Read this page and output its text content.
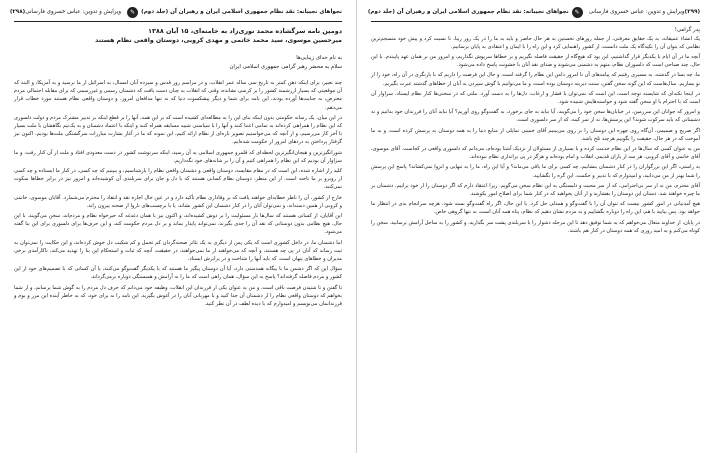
نجواهای نجیبانه: نقد نظام جمهوری اسلامی ایران و رهبران آن (جلد دوم)
✎
ویرایش و تدوین: عباس خسروی فارسانی
(۲۹۸)
دومین نامه سرگشاده محمد نوری‌زاد به خامنه‌ای، ۱۵ آبان ۱۳۸۸
میرحسین موسوی، سید محمد خاتمی و مهدی کروبی، دوستان واقعی نظام هستند
به نام خدای زیبایی‌ها
سلام به محضر رهبر گرامی جمهوری اسلامی ایران

چند تعبیر، برای اینکه ذهن کمتر به تاریخ سی ساله عمر انقلاب، و در مراسم روز قدس و سیزده آبان امسال، به اسرائیل از ما نرسید و به آمریکا، و البته که آن موقعیتی که بسیار ارزشمند کشور را بر کرسی نشانده، وقتی که انقلاب به چنان دست یافت که دشمنان رسمی و غیررسمی که برای مقابله احتمالی مردم معترض، به جنایت‌ها آورده بودند، این نامه برای شما و دیگر پیشکسوت دنیا که نه تنها مدافعان امروز، و دوستان واقعی نظام هستند مورد خطاب قرار می‌دهم.

در این میان، یک رسانه حکومتی بدون اینکه بنای این را به مطالعه‌ای کشیده است که بر این همه، آنها را بر قطع اینکه بر تدبیر مشترک مردم و دولت دلسوزی که این نظام را همراهی کرده‌اند به تمامی اعتنا کنند و آنها را با سیاستی شبیه مسابقه همراه کنند و اینکه با اعتماد دشمنان و به یک‌نیم نگاهشان با ملت بسیار تا آخر کار می‌رسیم، و از آنچه که می‌خواستیم تصویر تازه‌ای از نظام ارائه کنیم، این نمونه که ما در آغاز بشارت مبارزات سرگشتگی ملت‌ها بودیم، اکنون نیز گرفتار پرداختن به دردهای امروز از حکومت شده‌ایم.

شورانگیزترین و هیجان‌انگیزترین لحظه‌ای که قلمرو جمهوری اسلامی به آن رسید، اینکه سرنوشت کشور در دست معدودی افتاد و ملت از آن کنار رفت، و ما سزاوار آن بودیم که این نظام را همراهی کنیم و آن را بر شانه‌های خود نگه‌داریم.

کلید راز اشاره شده، این است که در مقام مقایسه، دوستان واقعی و دشمنان واقعی نظام را بازشناسیم، و ببینیم که چه کسی، در کنار ما ایستاده و چه کسی از روبرو بر ما تاخته است. از این منظر، دوستان نظام کسانی هستند که با دل و جان برای سربلندی آن کوشیده‌اند و امروز نیز در برابر خطاها سکوت نمی‌کنند.

خارج از کشور، آن را ناظر خطابه‌ای خواهند یافت که بر وفاداری نظام تأکید دارد و در عین حال اجازه نقد و انتقاد را محترم می‌شمارد. آقایان موسوی، خاتمی و کروبی از همین دسته‌اند، و نمی‌توان آنان را در کنار دشمنان این کشور نشاند، یا با برچسب‌های ناروا از صحنه بیرون راند.

این آقایان، از کسانی هستند که سال‌ها بار مسئولیت را بر دوش کشیده‌اند، و اکنون نیز با همان دغدغه که خیرخواه نظام و مردم‌اند، سخن می‌گویند. با این حال، هیچ نظامی بدون دوستانی که نقد آن را جدی بگیرند، نمی‌تواند پایدار بماند و بر دل مردم حکومت کند، و این حرف‌ها برای دلسوزی برای این بنا گفته می‌شود.

اما دشمنان ما، در داخل کشوری است که یکی پس از دیگری به یک تئاتر صحنه‌گردان کم تحمل و کم شکیب دل خوش کرده‌اند، و این حکایت را نمی‌توان به ثبت رساند که آنان در پی چه هستند، و آنچه که می‌خواهند از ما نمی‌خواهند، در حقیقت، آنچه که ثبات و استحکام این بنا را تهدید می‌کند، ناکارآمدی برخی مدیران و خطاهای پنهان است، که باید آنها را شناخت و در برابرش ایستاد.

سؤال این که اگر دشمن ما با بیگانه همدستی دارد، آیا آن دوستان پیگیر ما هستند که با یکدیگر گفت‌وگو می‌کنند، یا آن کسانی که با تصمیم‌های خود از این کشور و مردم فاصله گرفته‌اند؟ پاسخ به این سؤال، همان راهی است که ما را به آرامش و همبستگی دوباره برمی‌گرداند.

تا گفتن و تا شنیدن فرصت باقی است، و من به عنوان یکی از فرزندان این انقلاب، وظیفه خود می‌دانم که حرف دل مردم را به گوش شما برسانم، و از شما بخواهم که دوستان واقعی نظام را از دشمنان آن جدا کنید و با مهربانی آنان را در آغوش بگیرید. این نامه را نه برای خود، که به خاطر آینده این مرز و بوم و فرزندانمان می‌نویسم و امیدوارم که با دیده لطف در آن نظر کنید.

(۲۹۹)
ویرایش و تدوین: عباس خسروی فارسانی
✎
نجواهای نجیبانه: نقد نظام جمهوری اسلامی ایران و رهبران آن (جلد دوم)

پدر گرامی!

یک انشاء عمیقانه، به یک حقایق معرفتی، از جمله روزهای نخستین به هر حال حاضر و باید به ما را در یک روز زیبا، تا نسبت کرد و پیش خود منسجم‌ترین نظامی که بتوان آن را تکیه‌گاه یک ملت دانست، از کشور راهنمایی کرد و این راه را با ایمان و اعتقادی به پایان برسانیم.

آنچه ما در آن ایام با یکدیگر قرار گذاشتیم، این بود که هیچ‌گاه از حقیقت فاصله نگیریم و بر خطاها سرپوش نگذاریم، و امروز من بر همان عهد پایبندم. با این حال، چند صباحی است که دلسوزان نظام، متهم به دشمنی می‌شوند و صدای نقد آنان با خشونت پاسخ داده می‌شود.

ما، چه بسا در گذشته، به مسیری رفتیم که پیامدهای آن تا امروز دامن این نظام را گرفته است، و حال این فرصت را داریم که با بازنگری در آن راه، خود را از نو بسازیم. سال‌هاست که این گونه سخن گفتن، سنت دیرینه دوستان بوده است، و ما می‌توانیم با گوش سپردن به آنان از خطاهای گذشته عبرت بگیریم.

در اینجا نکته‌ای که شایسته توجه است، این است که نمی‌توان با فشار و ارعاب، دل‌ها را به دست آورد. ملتی که در سختی‌ها کنار نظام ایستاد، سزاوار آن است که با احترام با او سخن گفته شود و خواسته‌هایش شنیده شود.

و امروز که جوانان این سرزمین، در خیابان‌ها سخن خود را می‌گویند، آیا نباید به جای برخورد، به گفت‌وگو روی آوریم؟ آیا نباید آنان را فرزندان خود بدانیم و نه دشمنانی که باید سرکوب شوند؟ این پرسش‌ها، نه از سر کینه، که از سر دلسوزی است.

اگر صریح و صمیمی، آن‌گاه روی چهره این دوستان را بر روی می‌بینیم آقای خمینی تمایلی از منابع دنیا را به همه دوستان به پرسش کرده است، و به ما آموخت که در هر حال، حقیقت را بگوییم هرچند تلخ باشد.

من به عنوان کسی که سال‌ها در این نظام خدمت کرده و با بسیاری از مسئولان از نزدیک آشنا بوده‌ام، می‌دانم که دلسوزی واقعی در کجاست. آقای موسوی، آقای خاتمی و آقای کروبی، هر سه از یاران قدیمی انقلاب و امام بوده‌اند و هرگز در پی براندازی نظام نبوده‌اند.

به راستی، اگر این بزرگواران را در کنار دشمنان بنشانیم، چه کسی برای ما باقی می‌ماند؟ و آیا این راه، ما را به تنهایی و انزوا نمی‌کشاند؟ پاسخ این پرسش را شما بهتر از من می‌دانید، و امیدوارم که با تدبیر و حکمت، این گره را بگشایید.

آقای محترم، من نه از سر بی‌احترامی، که از سر محبت و دلبستگی به این نظام سخن می‌گویم. زیرا اعتقاد دارم که اگر دوستان را از خود برانیم، دشمنان بر ما چیره خواهند شد. دستان این دوستان را بفشارید و از آنان بخواهید که در کنار شما برای اصلاح امور بکوشند.

هیچ آمدنیانی در امور کشور نیست که نتوان آن را با گفت‌وگو و همدلی حل کرد. با این حال، اگر راه گفت‌وگو بسته شود، هرچه سرانجام بدی در انتظار ما خواهد بود. پس بیایید با هم، این راه را دوباره بگشاییم و به مردم نشان دهیم که نظام، پناه همه آنان است، نه تنها گروهی خاص.

در پایان، از خداوند متعال می‌خواهم که به شما توفیق دهد تا این مرحله دشوار را با سربلندی پشت سر بگذارید، و کشور را به ساحل آرامش برسانید. سخن را کوتاه می‌کنم و به امید روزی که همه دوستان در کنار هم باشند.
